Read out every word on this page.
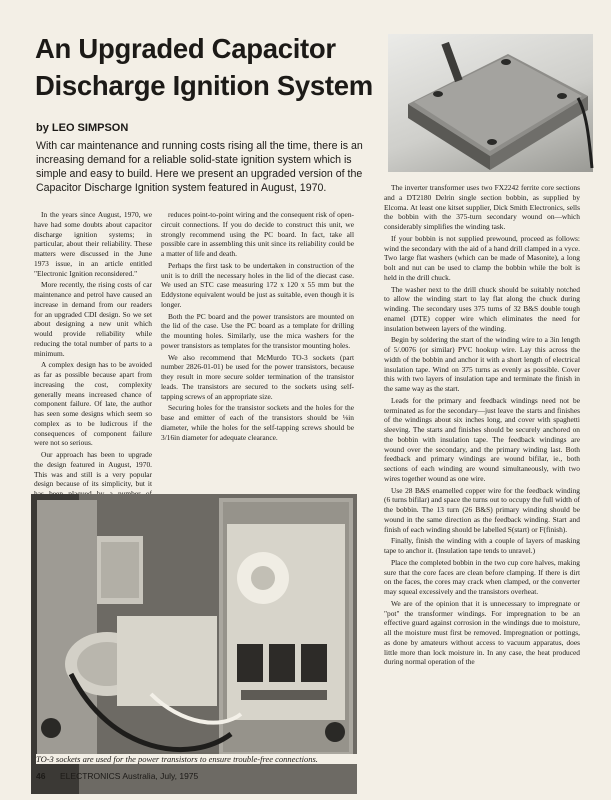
An Upgraded Capacitor Discharge Ignition System
by LEO SIMPSON

With car maintenance and running costs rising all the time, there is an increasing demand for a reliable solid-state ignition system which is simple and easy to build. Here we present an upgraded version of the Capacitor Discharge Ignition system featured in August, 1970.

In the years since August, 1970, we have had some doubts about capacitor discharge ignition systems; in particular, about their reliability. These matters were discussed in the June 1973 issue, in an article entitled "Electronic Ignition reconsidered."

More recently, the rising costs of car maintenance and petrol have caused an increase in demand from our readers for an upgraded CDI design. So we set about designing a new unit which would provide reliability while reducing the total number of parts to a minimum.

A complex design has to be avoided as far as possible because apart from increasing the cost, complexity generally means increased chance of component failure. Of late, the author has seen some designs which seem so complex as to be ludicrous if the consequences of component failure were not so serious.

Our approach has been to upgrade the design featured in August, 1970. This was and still is a very popular design because of its simplicity, but it

reduces point-to-point wiring and the consequent risk of open-circuit connections. If you do decide to construct this unit, we strongly recommend using the PC board. In fact, take all possible care in assembling this unit since its reliability could be a matter of life and death.

Perhaps the first task to be undertaken in construction of the unit is to drill the necessary holes in the lid of the diecast case. We used an STC case measuring 172 x 120 x 55 mm but the Eddystone equivalent would be just as suitable, even though it is longer.

Both the PC board and the power transistors are mounted on the lid of the case. Use the PC board as a template for drilling the mounting holes. Similarly, use the mica washers for the power transistors as templates for the transistor mounting holes.

We also recommend that McMurdo TO-3 sockets (part number 2826-01-01) be used for the power transistors, because they result in more secure solder termination of the transistor leads. The transistors are secured to the sockets using self-tapping screws of an appropriate size.

Securing holes for the transistor sockets and the holes for the base and emitter of each of the transistors should be ⅛in diameter, while the holes for the self-tapping screws should be 3/16in diameter for adequate clearance.

The inverter transformer uses two FX2242 ferrite core sections and a DT2180 Delrin single section bobbin, as supplied by Elcoma. At least one kitset supplier, Dick Smith Electronics, sells the bobbin with the 375-turn secondary wound on—which considerably simplifies the winding task.

If your bobbin is not supplied prewound, proceed as follows: wind the secondary with the aid of a hand drill clamped in a vyce. Two large flat washers (which can be made of Masonite), a long bolt and nut can be used to clamp the bobbin while the bolt is held in the drill chuck.

The washer next to the drill chuck should be suitably notched to allow the winding start to lay flat along the chuck during winding. The secondary uses 375 turns of 32 B&S double tough enamel (DTE) copper wire which eliminates the need for insulation between layers of the winding.

Begin by soldering the start of the winding wire to a 3in length of 5/.0076 (or similar) PVC hookup wire. Lay this across the width of the bobbin and anchor it with a short length of electrical insulation tape. Wind on 375 turns as evenly as possible. Cover this with two layers of insulation tape and terminate the finish in the same way as the start.

Leads for the primary and feedback windings need not be terminated as for the secondary—just leave the starts and finishes of the windings about six inches long, and cover with spaghetti sleeving. The starts and finishes should be securely anchored on the bobbin with insulation tape. The feedback windings are wound over the secondary, and the primary winding last. Both feedback and primary windings are wound bifilar, ie., both sections of each winding are wound simultaneously, with two wires together wound as one wire.

Use 28 B&S enamelled copper wire for the feedback winding (6 turns bifilar) and space the turns out to occupy the full width of the bobbin. The 13 turn (26 B&S) primary winding should be wound in the same direction as the feedback winding. Start and finish of each winding should be labelled S(start) or F(finish).

Finally, finish the winding with a couple of layers of masking tape to anchor it. (Insulation tape tends to unravel.)

Place the completed bobbin in the two cup core halves, making sure that the core faces are clean before clamping. If there is dirt on the faces, the cores may crack when clamped, or the converter may squeal excessively and the transistors overheat.

We are of the opinion that it is unnecessary to impregnate or "pot" the transformer windings. For impregnation to be an effective guard against corrosion in the windings due to moisture, all the moisture must first be removed. Impregnation or pottings, as done by amateurs without access to vacuum apparatus, does little more than lock moisture in. In any case, the heat produced during normal operation of the

TO-3 sockets are used for the power transistors to ensure trouble-free connections.
46 ELECTRONICS Australia, July, 1975
